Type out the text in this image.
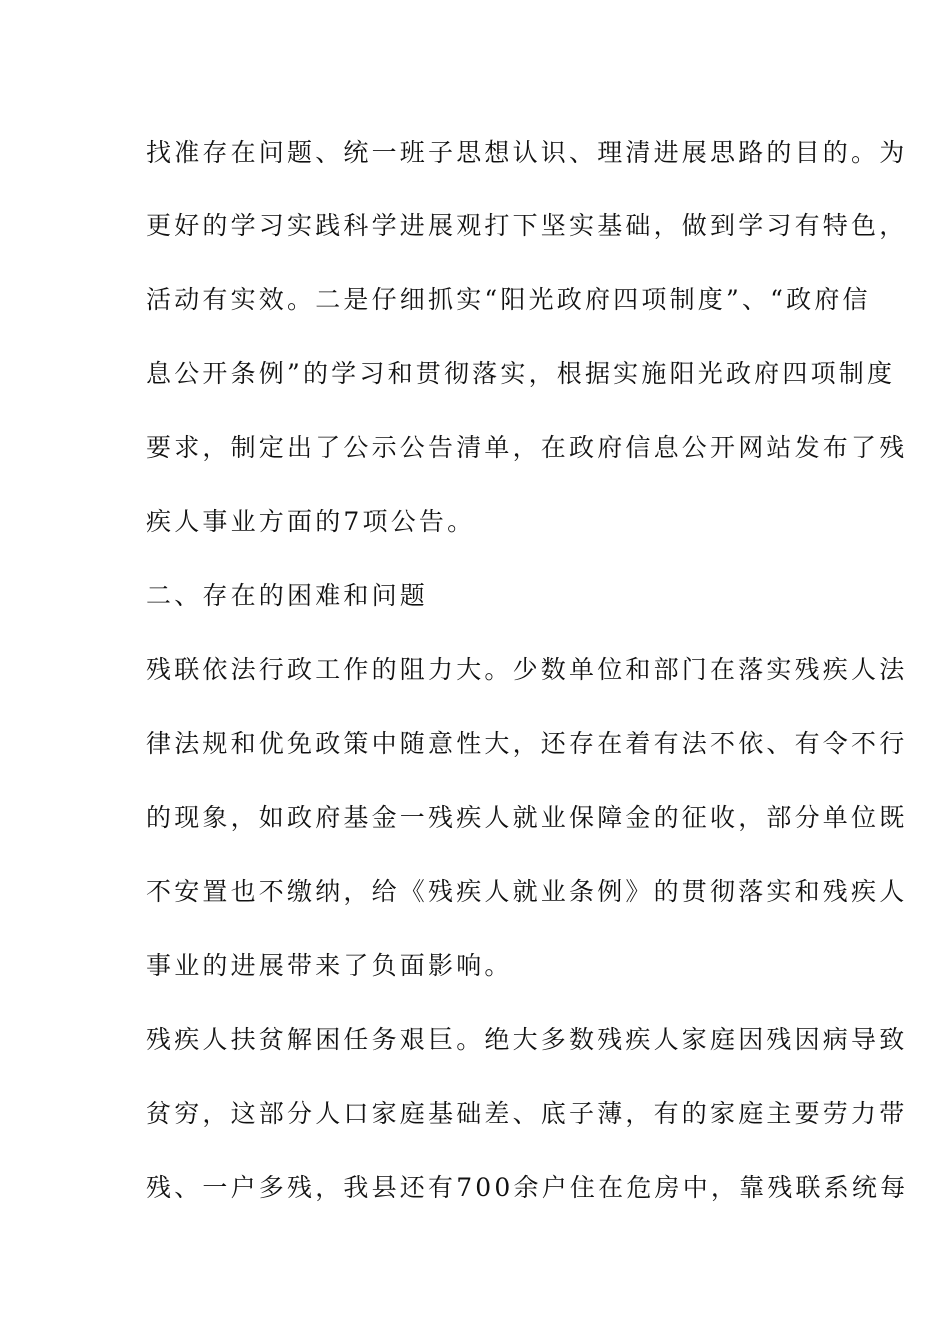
找准存在问题、统一班子思想认识、理清进展思路的目的。为
更好的学习实践科学进展观打下坚实基础，做到学习有特色，
活动有实效。二是仔细抓实“阳光政府四项制度”、“政府信
息公开条例”的学习和贯彻落实，根据实施阳光政府四项制度
要求，制定出了公示公告清单，在政府信息公开网站发布了残
疾人事业方面的7项公告。
二、存在的困难和问题
残联依法行政工作的阻力大。少数单位和部门在落实残疾人法
律法规和优免政策中随意性大，还存在着有法不依、有令不行
的现象，如政府基金一残疾人就业保障金的征收，部分单位既
不安置也不缴纳，给《残疾人就业条例》的贯彻落实和残疾人
事业的进展带来了负面影响。
残疾人扶贫解困任务艰巨。绝大多数残疾人家庭因残因病导致
贫穷，这部分人口家庭基础差、底子薄，有的家庭主要劳力带
残、一户多残，我县还有700余户住在危房中，靠残联系统每
